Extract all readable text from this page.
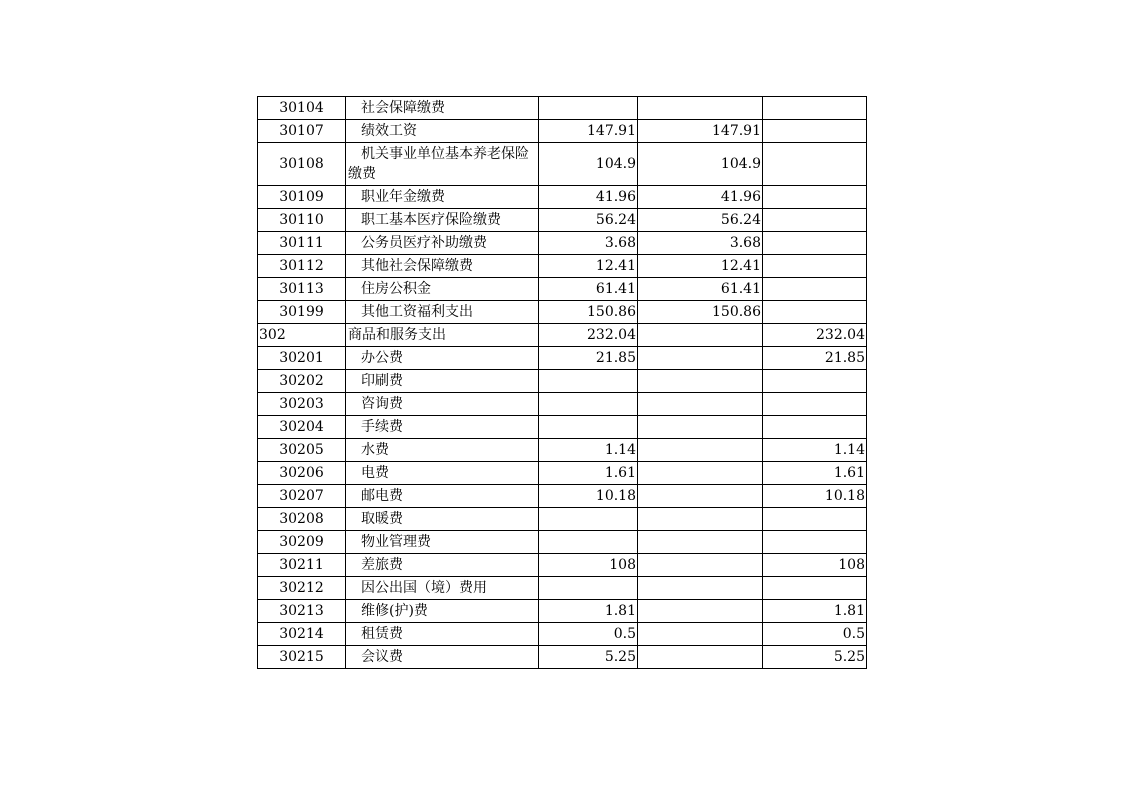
30104	社会保障缴费			
30107	绩效工资	147.91	147.91	
30108	机关事业单位基本养老保险缴费	104.9	104.9	
30109	职业年金缴费	41.96	41.96	
30110	职工基本医疗保险缴费	56.24	56.24	
30111	公务员医疗补助缴费	3.68	3.68	
30112	其他社会保障缴费	12.41	12.41	
30113	住房公积金	61.41	61.41	
30199	其他工资福利支出	150.86	150.86	
302	商品和服务支出	232.04		232.04
30201	办公费	21.85		21.85
30202	印刷费			
30203	咨询费			
30204	手续费			
30205	水费	1.14		1.14
30206	电费	1.61		1.61
30207	邮电费	10.18		10.18
30208	取暖费			
30209	物业管理费			
30211	差旅费	108		108
30212	因公出国（境）费用			
30213	维修(护)费	1.81		1.81
30214	租赁费	0.5		0.5
30215	会议费	5.25		5.25
